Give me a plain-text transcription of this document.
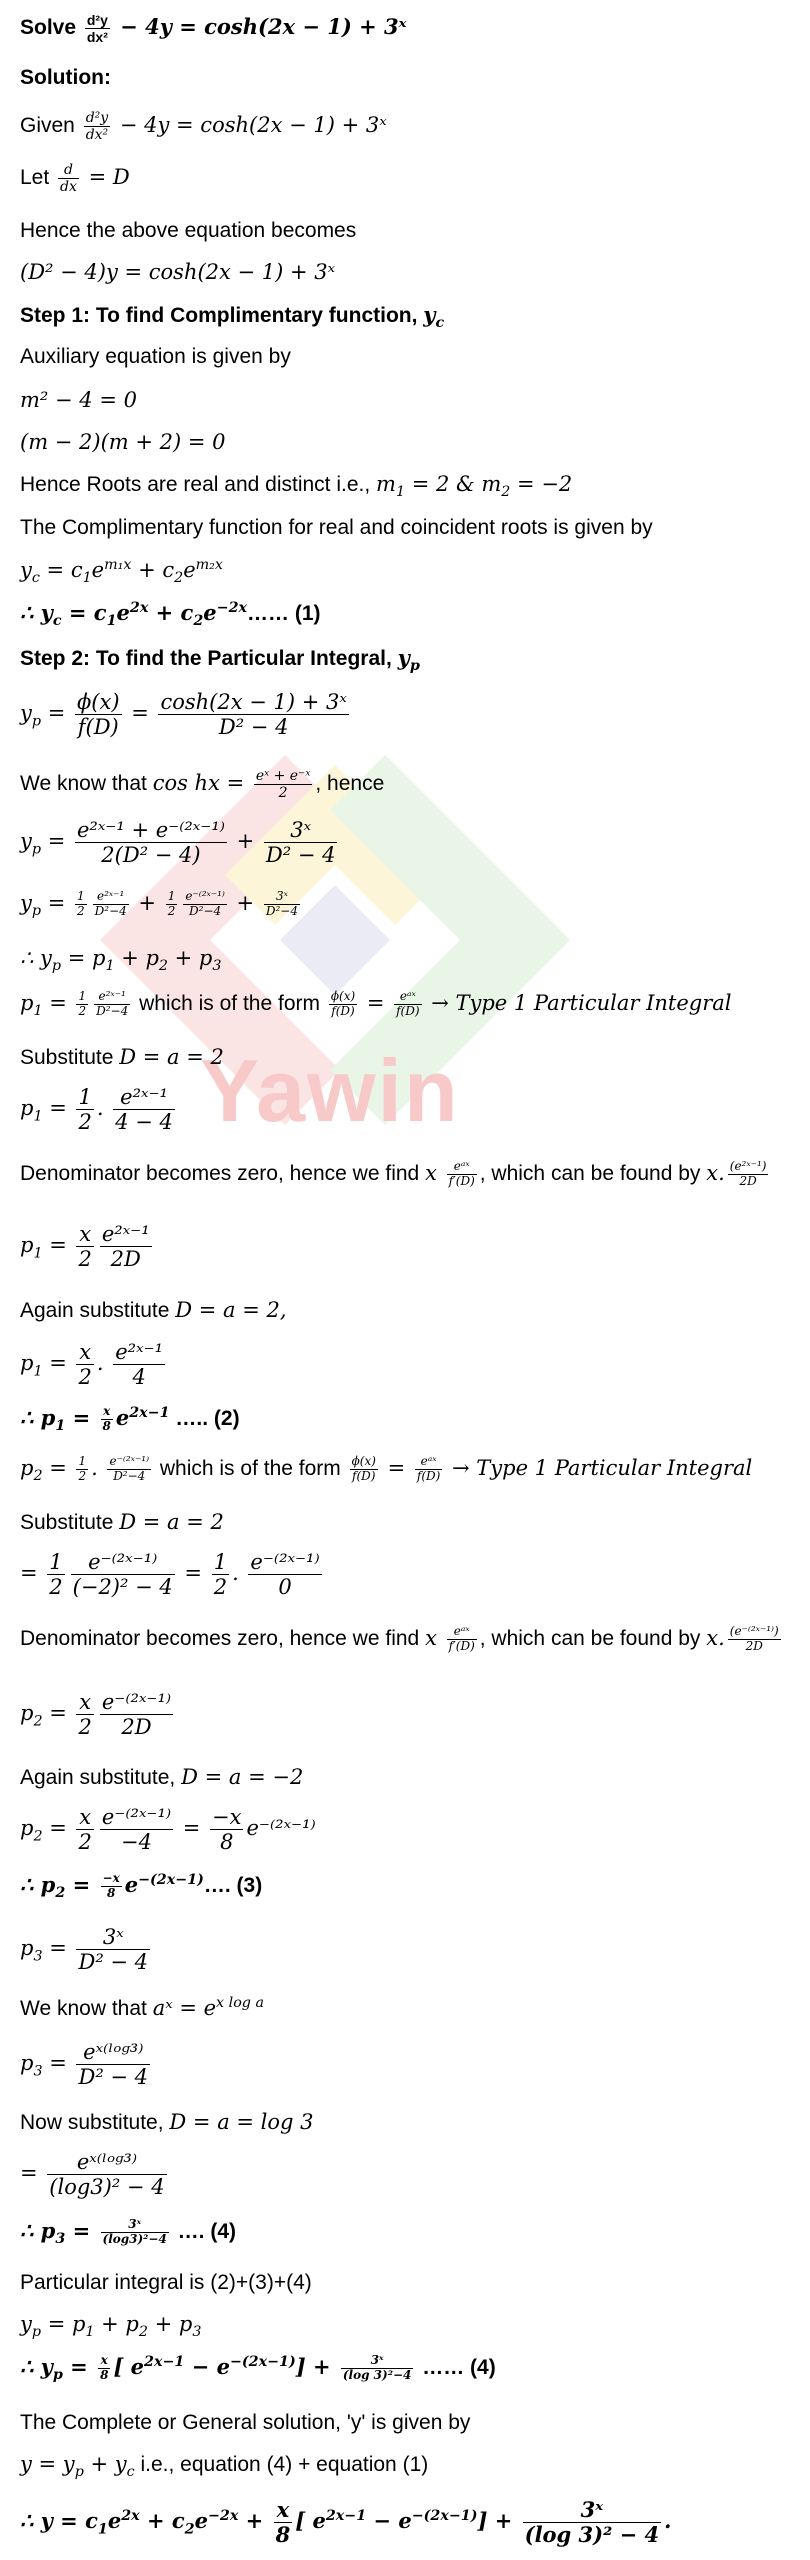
Yawin
Solve $\frac{\text{d²y}}{\text{dx²}} - 4y = \cosh(2x - 1)$ + 3ˣ
Solution:
Given $\frac{\text{d²y}}{\text{dx²}} - 4y = \cosh(2x - 1)$ + 3ˣ
Let $\frac{d}{dx} = D$
Hence the above equation becomes
(D² − 4)y = cosh(2x − 1) + 3ˣ
Step 1: To find Complimentary function, $y_c$
Auxiliary equation is given by
m² − 4 = 0
(m − 2)(m + 2) = 0
Hence Roots are real and distinct i.e., $m_1 = 2$ & $m_2 = -2$
The Complimentary function for real and coincident roots is given by
$y_c = c_1e^{m_1x} + c_2e^{m_2x}$
∴ $y_c = c_1e^{2x}$ + $c_2e^{-2x}\dots\dots$ (1)
Step 2: To find the Particular Integral, $y_p$
$y_p = \frac{\phi(x)}{f(D)} = \frac{\text{cosh(2x − 1) + 3ˣ}}{\text{D² − 4}}$
We know that cos hx = $\frac{\text{eˣ + e⁻ˣ}}{2}$ , hence
$y_p = \frac{\text{e²ˣ⁻¹ + e⁻⁽²ˣ⁻¹⁾}}{\text{2(D² − 4)}} + \frac{\text{3ˣ}}{\text{D² − 4}}$
$y_p = \frac{1}{2} \frac{\text{e²ˣ⁻¹}}{\text{D²−4}} + \frac{1}{2} \frac{\text{e⁻⁽²ˣ⁻¹⁾}}{\text{D²−4}} + \frac{\text{3ˣ}}{\text{D²−4}}$
∴ $y_p = p_1 + p_2 + p_3$
$p_1 = \frac{1}{2} \frac{\text{e²ˣ⁻¹}}{\text{D²−4}}$ which is of the form $\frac{\phi(x)}{f(D)}$ = eᵃˣ
f(D) → Type 1 Particular Integral
Substitute D = a = 2
$p_1 = \frac{1}{2}$ . $\frac{\text{e²ˣ⁻¹}}{4 - 4}$
Denominator becomes zero, hence we find x eᵃˣ
f′(D) , which can be found by x. $\frac{\text{(e²ˣ⁻¹)}}{2D}$
$p_1 = \frac{x}{2} \frac{\text{e²ˣ⁻¹}}{2D}$
Again substitute D = a = 2,
$p_1 = \frac{x}{2}$ . $\frac{\text{e²ˣ⁻¹}}{4}$
∴ $p_1 = \frac{x}{8} e^{2x-1}$ ….. (2)
$p_2 = \frac{1}{2}$ . $\frac{\text{e⁻⁽²ˣ⁻¹⁾}}{\text{D²−4}}$ which is of the form $\frac{\phi(x)}{f(D)}$ = eᵃˣ
f(D) → Type 1 Particular Integral
Substitute D = a = 2
= $\frac{1}{2} \frac{\text{e⁻⁽²ˣ⁻¹⁾}}{\text{(−2)² − 4}} = \frac{1}{2}$ . $\frac{\text{e⁻⁽²ˣ⁻¹⁾}}{0}$
Denominator becomes zero, hence we find x eᵃˣ
f′(D) , which can be found by x. $\frac{\text{(e⁻⁽²ˣ⁻¹⁾)}}{2D}$
$p_2 = \frac{x}{2} \frac{\text{e⁻⁽²ˣ⁻¹⁾}}{2D}$
Again substitute, D = a = −2
$p_2 = \frac{x}{2} \frac{\text{e⁻⁽²ˣ⁻¹⁾}}{-4} = \frac{-x}{8}$ e⁻⁽²ˣ⁻¹⁾
∴ $p_2 = \frac{-x}{8}$ $e^{-(2x-1)}\dots$. (3)
$p_3 = \frac{\text{3ˣ}}{\text{D² − 4}}$
We know that aˣ = $e^{x log a}$
$p_3$ = eˣ⁽ˡᵒᵍ³⁾
D² − 4
Now substitute, D = a = log 3
=	eˣ⁽ˡᵒᵍ³⁾
(log3)² − 4
∴ $p_3 = \frac{\text{3ˣ}}{\text{(log3)²−4}}$ …. (4)
Particular integral is (2)+(3)+(4)
$y_p = p_1 + p_2 + p_3$
∴ $y_p = \frac{x}{8}$ [ $e^{2x-1} - e^{-(2x-1)}] + \frac{\text{3ˣ}}{\text{(log 3)²−4}}$ …… (4)
The Complete or General solution, 'y' is given by
$y = y_p + y_c$ i.e., equation (4) + equation (1)
∴ $y = c_1e^{2x} + c_2e^{-2x} + \frac{x}{8}$ [ $e^{2x-1} - e^{-(2x-1)}] + \frac{\text{3ˣ}}{\text{(log 3)² − 4}}$ .
